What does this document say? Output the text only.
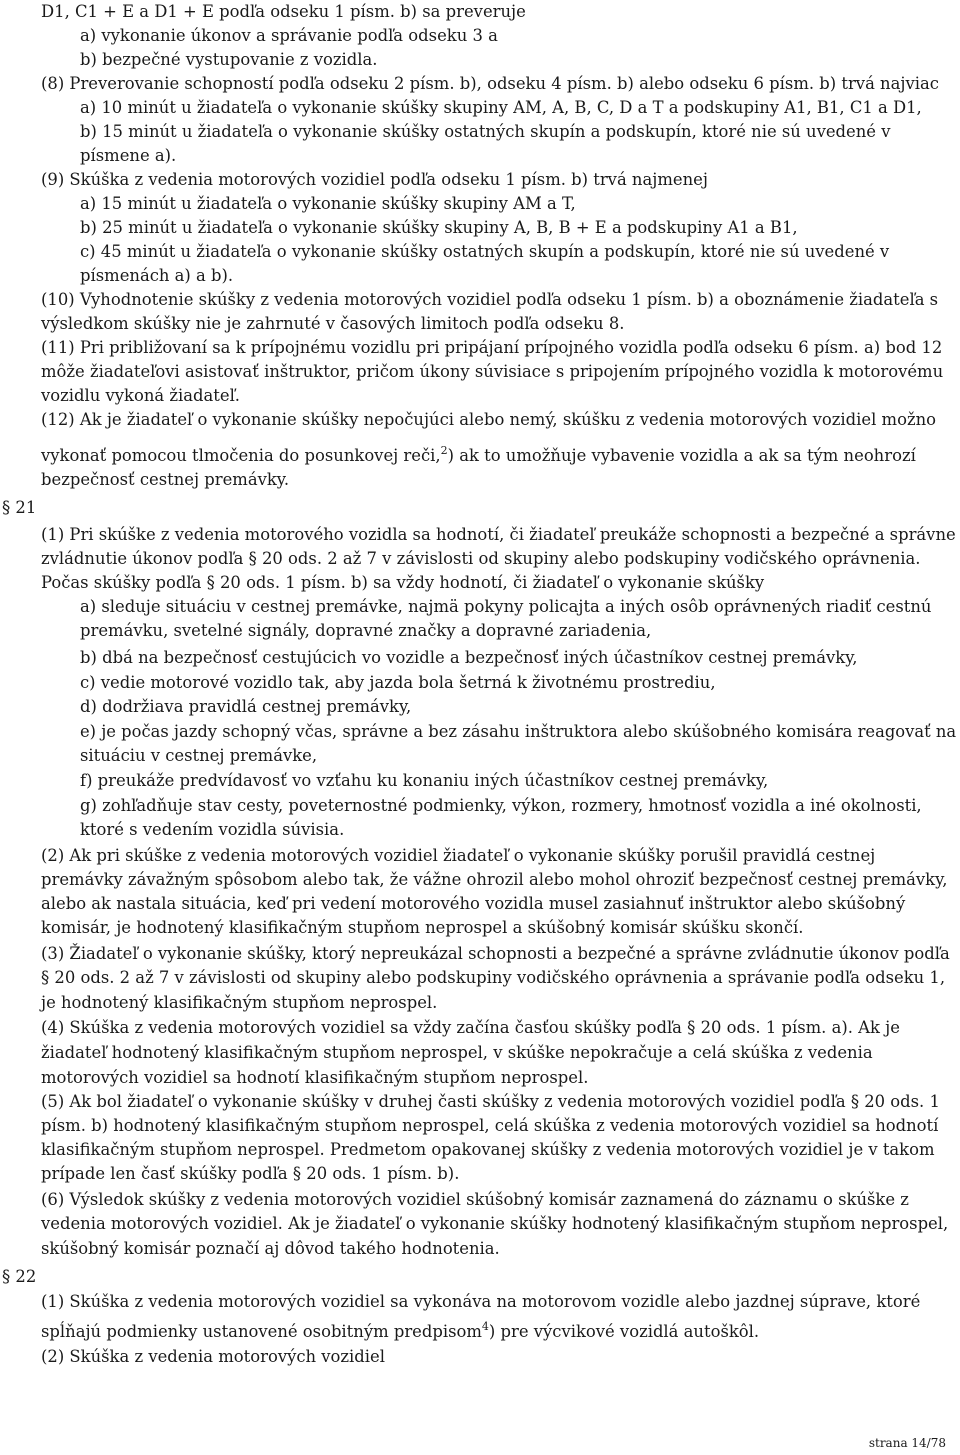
D1, C1 + E a D1 + E podľa odseku 1 písm. b) sa preveruje
a) vykonanie úkonov a správanie podľa odseku 3 a
b) bezpečné vystupovanie z vozidla.
(8) Preverovanie schopností podľa odseku 2 písm. b), odseku 4 písm. b) alebo odseku 6 písm. b) trvá najviac
a) 10 minút u žiadateľa o vykonanie skúšky skupiny AM, A, B, C, D a T a podskupiny A1, B1, C1 a D1,
b) 15 minút u žiadateľa o vykonanie skúšky ostatných skupín a podskupín, ktoré nie sú uvedené v
písmene a).
(9) Skúška z vedenia motorových vozidiel podľa odseku 1 písm. b) trvá najmenej
a) 15 minút u žiadateľa o vykonanie skúšky skupiny AM a T,
b) 25 minút u žiadateľa o vykonanie skúšky skupiny A, B, B + E a podskupiny A1 a B1,
c) 45 minút u žiadateľa o vykonanie skúšky ostatných skupín a podskupín, ktoré nie sú uvedené v
písmenách a) a b).
(10) Vyhodnotenie skúšky z vedenia motorových vozidiel podľa odseku 1 písm. b) a oboznámenie žiadateľa s
výsledkom skúšky nie je zahrnuté v časových limitoch podľa odseku 8.
(11) Pri približovaní sa k prípojnému vozidlu pri pripájaní prípojného vozidla podľa odseku 6 písm. a) bod 12
môže žiadateľovi asistovať inštruktor, pričom úkony súvisiace s pripojením prípojného vozidla k motorovému
vozidlu vykoná žiadateľ.
(12) Ak je žiadateľ o vykonanie skúšky nepočujúci alebo nemý, skúšku z vedenia motorových vozidiel možno
vykonať pomocou tlmočenia do posunkovej reči,$^2$) ak to umožňuje vybavenie vozidla a ak sa tým neohrozí
bezpečnosť cestnej premávky.
§ 21
(1) Pri skúške z vedenia motorového vozidla sa hodnotí, či žiadateľ preukáže schopnosti a bezpečné a správne
zvládnutie úkonov podľa § 20 ods. 2 až 7 v závislosti od skupiny alebo podskupiny vodičského oprávnenia.
Počas skúšky podľa § 20 ods. 1 písm. b) sa vždy hodnotí, či žiadateľ o vykonanie skúšky
a) sleduje situáciu v cestnej premávke, najmä pokyny policajta a iných osôb oprávnených riadiť cestnú
premávku, svetelné signály, dopravné značky a dopravné zariadenia,
b) dbá na bezpečnosť cestujúcich vo vozidle a bezpečnosť iných účastníkov cestnej premávky,
c) vedie motorové vozidlo tak, aby jazda bola šetrná k životnému prostrediu,
d) dodržiava pravidlá cestnej premávky,
e) je počas jazdy schopný včas, správne a bez zásahu inštruktora alebo skúšobného komisára reagovať na
situáciu v cestnej premávke,
f) preukáže predvídavosť vo vzťahu ku konaniu iných účastníkov cestnej premávky,
g) zohľadňuje stav cesty, poveternostné podmienky, výkon, rozmery, hmotnosť vozidla a iné okolnosti,
ktoré s vedením vozidla súvisia.
(2) Ak pri skúške z vedenia motorových vozidiel žiadateľ o vykonanie skúšky porušil pravidlá cestnej
premávky závažným spôsobom alebo tak, že vážne ohrozil alebo mohol ohroziť bezpečnosť cestnej premávky,
alebo ak nastala situácia, keď pri vedení motorového vozidla musel zasiahnuť inštruktor alebo skúšobný
komisár, je hodnotený klasifikačným stupňom neprospel a skúšobný komisár skúšku skončí.
(3) Žiadateľ o vykonanie skúšky, ktorý nepreukázal schopnosti a bezpečné a správne zvládnutie úkonov podľa
§ 20 ods. 2 až 7 v závislosti od skupiny alebo podskupiny vodičského oprávnenia a správanie podľa odseku 1,
je hodnotený klasifikačným stupňom neprospel.
(4) Skúška z vedenia motorových vozidiel sa vždy začína časťou skúšky podľa § 20 ods. 1 písm. a). Ak je
žiadateľ hodnotený klasifikačným stupňom neprospel, v skúške nepokračuje a celá skúška z vedenia
motorových vozidiel sa hodnotí klasifikačným stupňom neprospel.
(5) Ak bol žiadateľ o vykonanie skúšky v druhej časti skúšky z vedenia motorových vozidiel podľa § 20 ods. 1
písm. b) hodnotený klasifikačným stupňom neprospel, celá skúška z vedenia motorových vozidiel sa hodnotí
klasifikačným stupňom neprospel. Predmetom opakovanej skúšky z vedenia motorových vozidiel je v takom
prípade len časť skúšky podľa § 20 ods. 1 písm. b).
(6) Výsledok skúšky z vedenia motorových vozidiel skúšobný komisár zaznamená do záznamu o skúške z
vedenia motorových vozidiel. Ak je žiadateľ o vykonanie skúšky hodnotený klasifikačným stupňom neprospel,
skúšobný komisár poznačí aj dôvod takého hodnotenia.
§ 22
(1) Skúška z vedenia motorových vozidiel sa vykonáva na motorovom vozidle alebo jazdnej súprave, ktoré
spĺňajú podmienky ustanovené osobitným predpisom$^4$) pre výcvikové vozidlá autoškôl.
(2) Skúška z vedenia motorových vozidiel
strana 14/78
